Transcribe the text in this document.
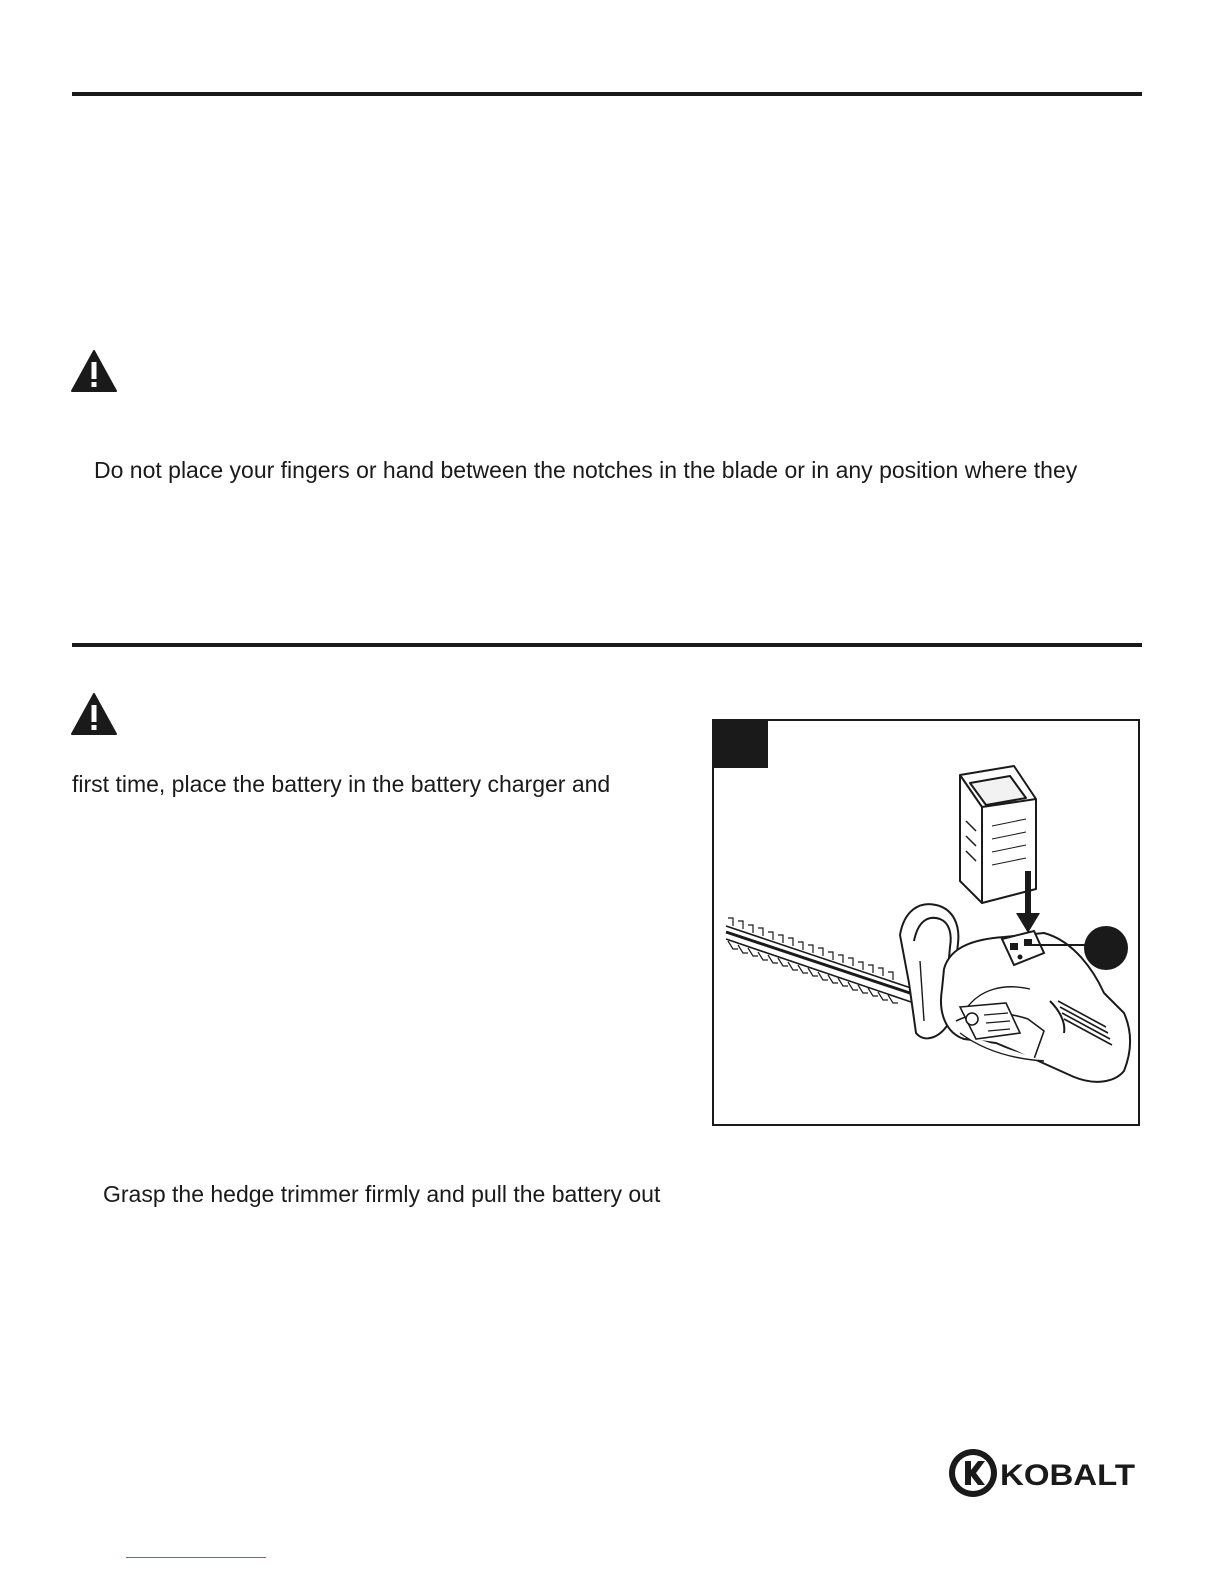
Do not place your fingers or hand between the notches in the blade or in any position where they
first time, place the battery in the battery charger and
Grasp the hedge trimmer firmly and pull the battery out
KOBALT
